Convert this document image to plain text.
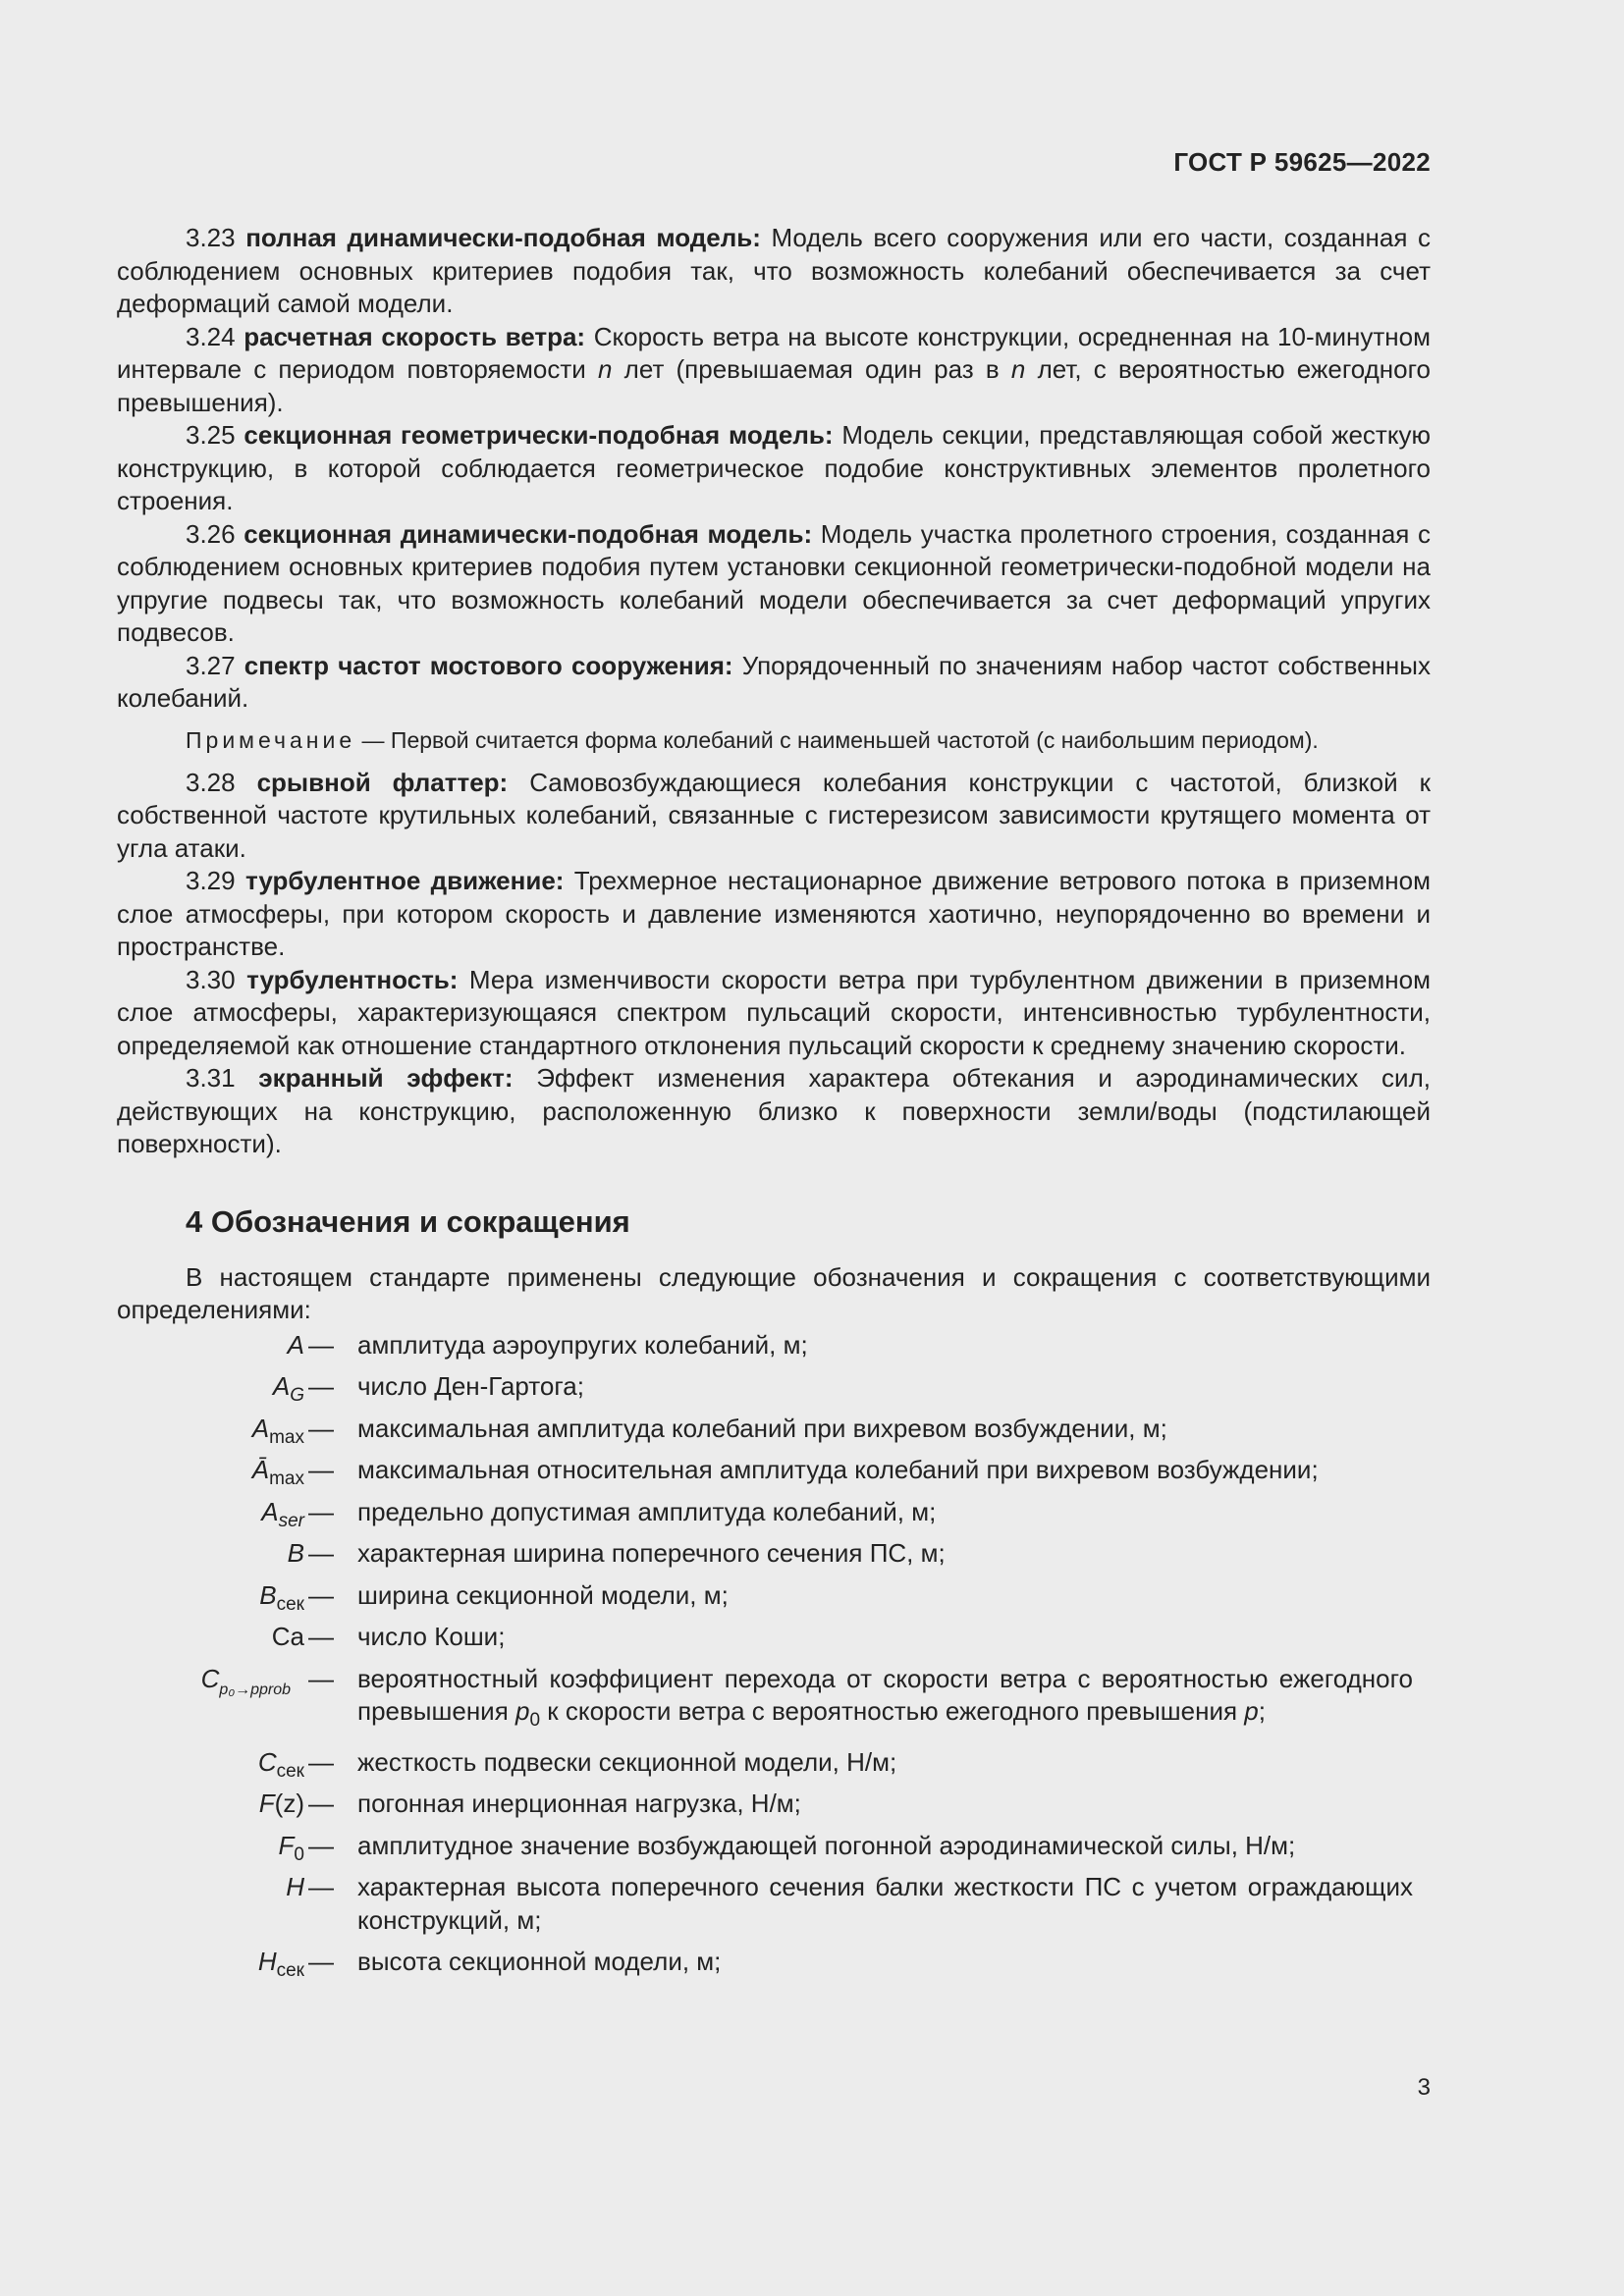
ГОСТ Р 59625—2022

3.23 полная динамически-подобная модель: Модель всего сооружения или его части, созданная с соблюдением основных критериев подобия так, что возможность колебаний обеспечивается за счет деформаций самой модели.

3.24 расчетная скорость ветра: Скорость ветра на высоте конструкции, осредненная на 10-минутном интервале с периодом повторяемости n лет (превышаемая один раз в n лет, с вероятностью ежегодного превышения).

3.25 секционная геометрически-подобная модель: Модель секции, представляющая собой жесткую конструкцию, в которой соблюдается геометрическое подобие конструктивных элементов пролетного строения.

3.26 секционная динамически-подобная модель: Модель участка пролетного строения, созданная с соблюдением основных критериев подобия путем установки секционной геометрически-подобной модели на упругие подвесы так, что возможность колебаний модели обеспечивается за счет деформаций упругих подвесов.

3.27 спектр частот мостового сооружения: Упорядоченный по значениям набор частот собственных колебаний.

Примечание — Первой считается форма колебаний с наименьшей частотой (с наибольшим периодом).

3.28 срывной флаттер: Самовозбуждающиеся колебания конструкции с частотой, близкой к собственной частоте крутильных колебаний, связанные с гистерезисом зависимости крутящего момента от угла атаки.

3.29 турбулентное движение: Трехмерное нестационарное движение ветрового потока в приземном слое атмосферы, при котором скорость и давление изменяются хаотично, неупорядоченно во времени и пространстве.

3.30 турбулентность: Мера изменчивости скорости ветра при турбулентном движении в приземном слое атмосферы, характеризующаяся спектром пульсаций скорости, интенсивностью турбулентности, определяемой как отношение стандартного отклонения пульсаций скорости к среднему значению скорости.

3.31 экранный эффект: Эффект изменения характера обтекания и аэродинамических сил, действующих на конструкцию, расположенную близко к поверхности земли/воды (подстилающей поверхности).

4 Обозначения и сокращения

В настоящем стандарте применены следующие обозначения и сокращения с соответствующими определениями:

A — амплитуда аэроупругих колебаний, м;
$A_G$ — число Ден-Гартога;
$A_{max}$ — максимальная амплитуда колебаний при вихревом возбуждении, м;
$Ā_{max}$ — максимальная относительная амплитуда колебаний при вихревом возбуждении;
$A_{ser}$ — предельно допустимая амплитуда колебаний, м;
B — характерная ширина поперечного сечения ПС, м;
$B_{сек}$ — ширина секционной модели, м;
Ca — число Коши;
Cp₀→pprob — вероятностный коэффициент перехода от скорости ветра с вероятностью ежегодного превышения $p_0$ к скорости ветра с вероятностью ежегодного превышения p;
$C_{сек}$ — жесткость подвески секционной модели, Н/м;
F(z) — погонная инерционная нагрузка, Н/м;
$F_0$ — амплитудное значение возбуждающей погонной аэродинамической силы, Н/м;
H — характерная высота поперечного сечения балки жесткости ПС с учетом ограждающих конструкций, м;
$H_{сек}$ — высота секционной модели, м;
3
